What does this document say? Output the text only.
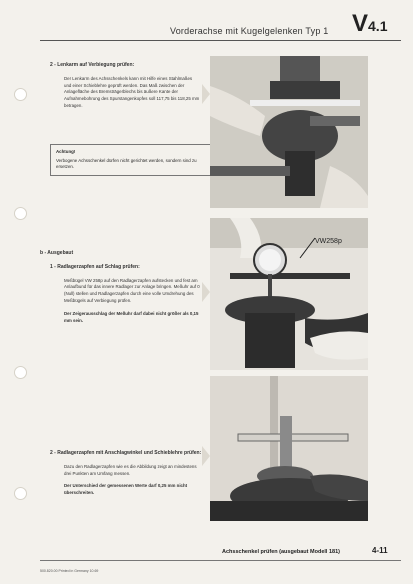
Vorderachse mit Kugelgelenken Typ 1 V4.1
2 - Lenkarm auf Verbiegung prüfen:
Der Lenkarm des Achsschenkels kann mit Hilfe eines Stahlmaßes und einer Schieblehre geprüft werden. Das Maß zwischen der Anlagefläche des Bremsträgerblechs bis äußere Kante der Aufnahmebohrung des Spurstangenkopfes soll 117,75 bis 118,25 mm betragen.
Achtung!
Verbogene Achsschenkel dürfen nicht gerichtet werden, sondern sind zu ersetzen.
b - Ausgebaut
1 - Radlagerzapfen auf Schlag prüfen:
Meßbügel VW 258p auf den Radlagerzapfen aufstecken und fest am Anlaufbund für das innere Radlager zur Anlage bringen. Meßuhr auf 0 (Null) stellen und Radlagerzapfen durch eine volle Umdrehung des Meßbügels auf Verbiegung prüfen.
Der Zeigerausschlag der Meßuhr darf dabei nicht größer als 0,15 mm sein.
VW258p
2 - Radlagerzapfen mit Anschlagwinkel und Schieblehre prüfen:
Dazu den Radlagerzapfen wie es die Abbildung zeigt an mindestens drei Punkten am Umfang messen.
Der Unterschied der gemessenen Werte darf 0,25 mm nicht überschreiten.
Achsschenkel prüfen (ausgebaut Modell 181)	4-11
500.820.00 Printed in Germany 10.69
